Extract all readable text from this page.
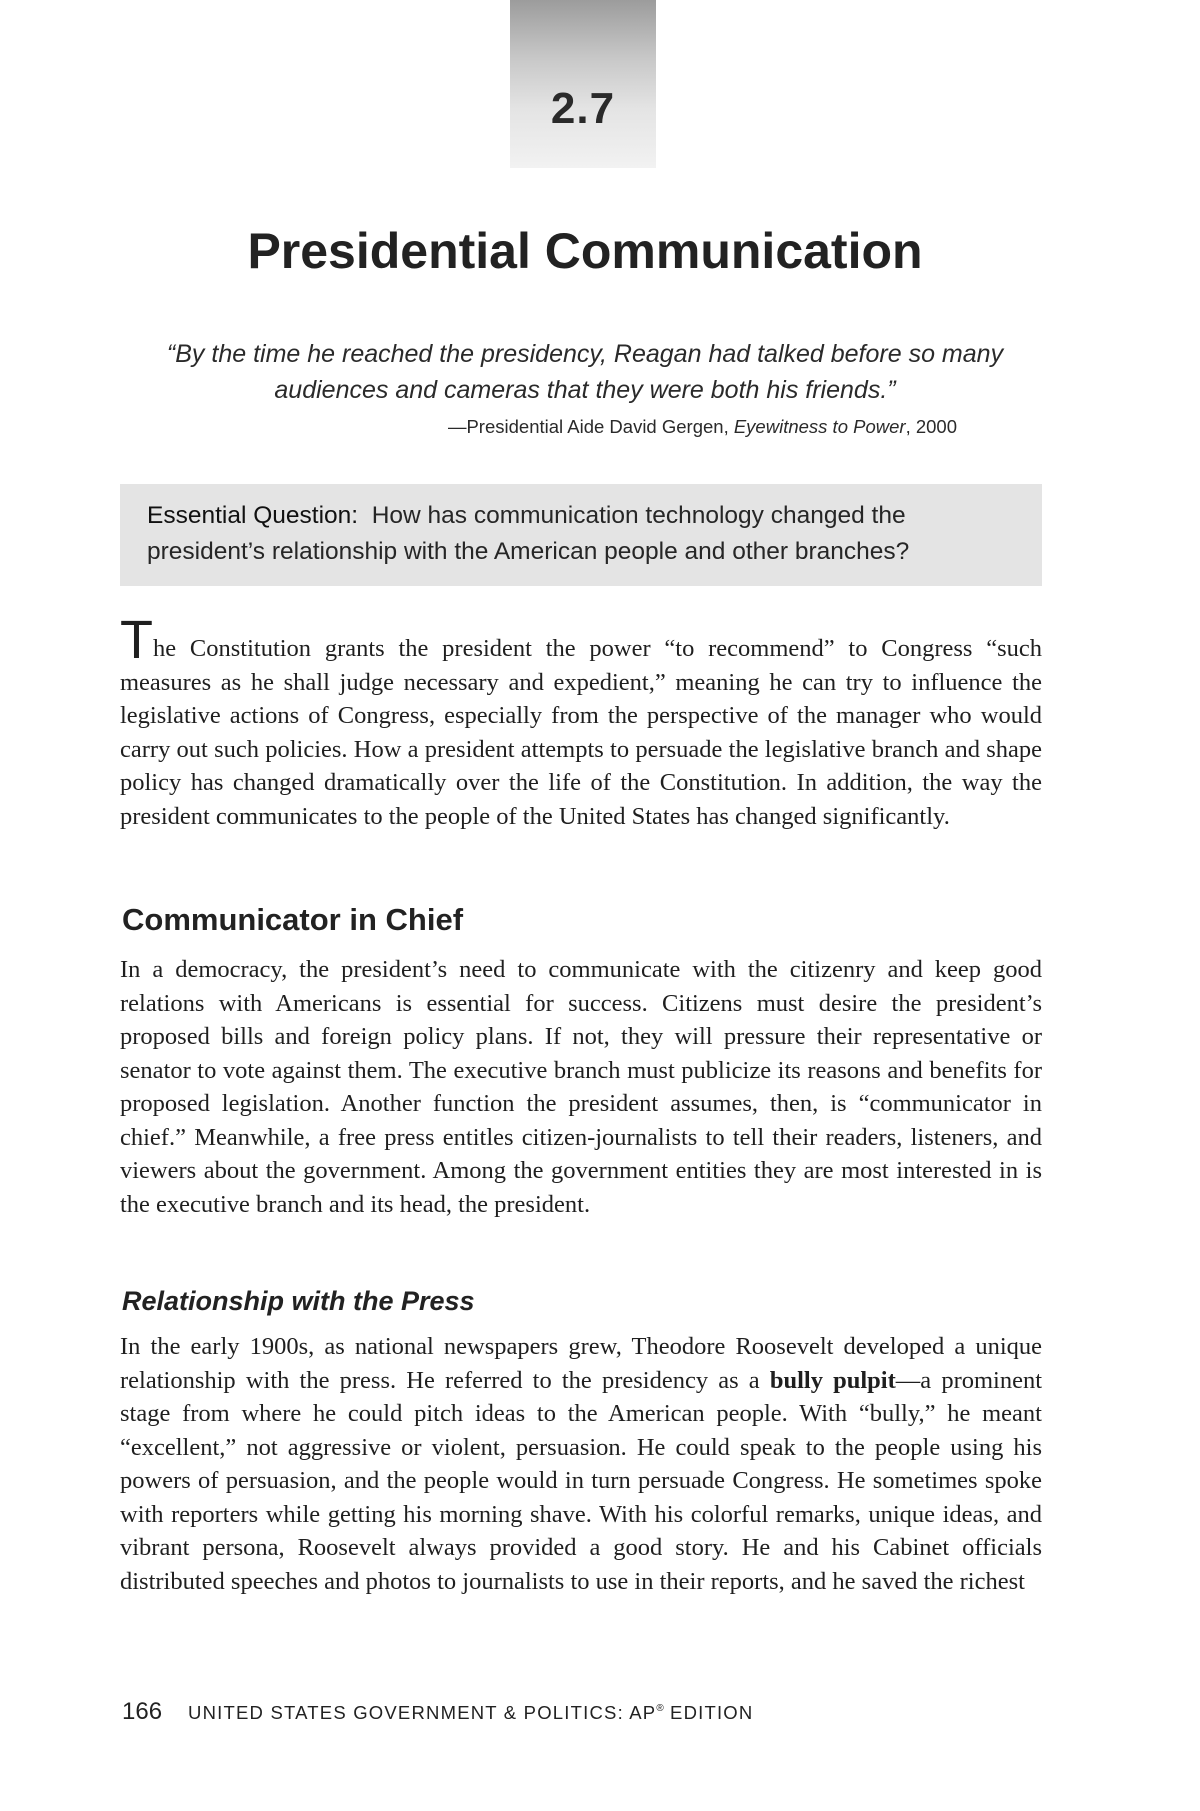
2.7
Presidential Communication

“By the time he reached the presidency, Reagan had talked before so many audiences and cameras that they were both his friends.”

—Presidential Aide David Gergen, Eyewitness to Power, 2000

Essential Question: How has communication technology changed the president’s relationship with the American people and other branches?

The Constitution grants the president the power “to recommend” to Congress “such measures as he shall judge necessary and expedient,” meaning he can try to influence the legislative actions of Congress, especially from the perspective of the manager who would carry out such policies. How a president attempts to persuade the legislative branch and shape policy has changed dramatically over the life of the Constitution. In addition, the way the president communicates to the people of the United States has changed significantly.

Communicator in Chief

In a democracy, the president’s need to communicate with the citizenry and keep good relations with Americans is essential for success. Citizens must desire the president’s proposed bills and foreign policy plans. If not, they will pressure their representative or senator to vote against them. The executive branch must publicize its reasons and benefits for proposed legislation. Another function the president assumes, then, is “communicator in chief.” Meanwhile, a free press entitles citizen-journalists to tell their readers, listeners, and viewers about the government. Among the government entities they are most interested in is the executive branch and its head, the president.

Relationship with the Press

In the early 1900s, as national newspapers grew, Theodore Roosevelt developed a unique relationship with the press. He referred to the presidency as a bully pulpit—a prominent stage from where he could pitch ideas to the American people. With “bully,” he meant “excellent,” not aggressive or violent, persuasion. He could speak to the people using his powers of persuasion, and the people would in turn persuade Congress. He sometimes spoke with reporters while getting his morning shave. With his colorful remarks, unique ideas, and vibrant persona, Roosevelt always provided a good story. He and his Cabinet officials distributed speeches and photos to journalists to use in their reports, and he saved the richest

166 UNITED STATES GOVERNMENT & POLITICS: AP® EDITION
